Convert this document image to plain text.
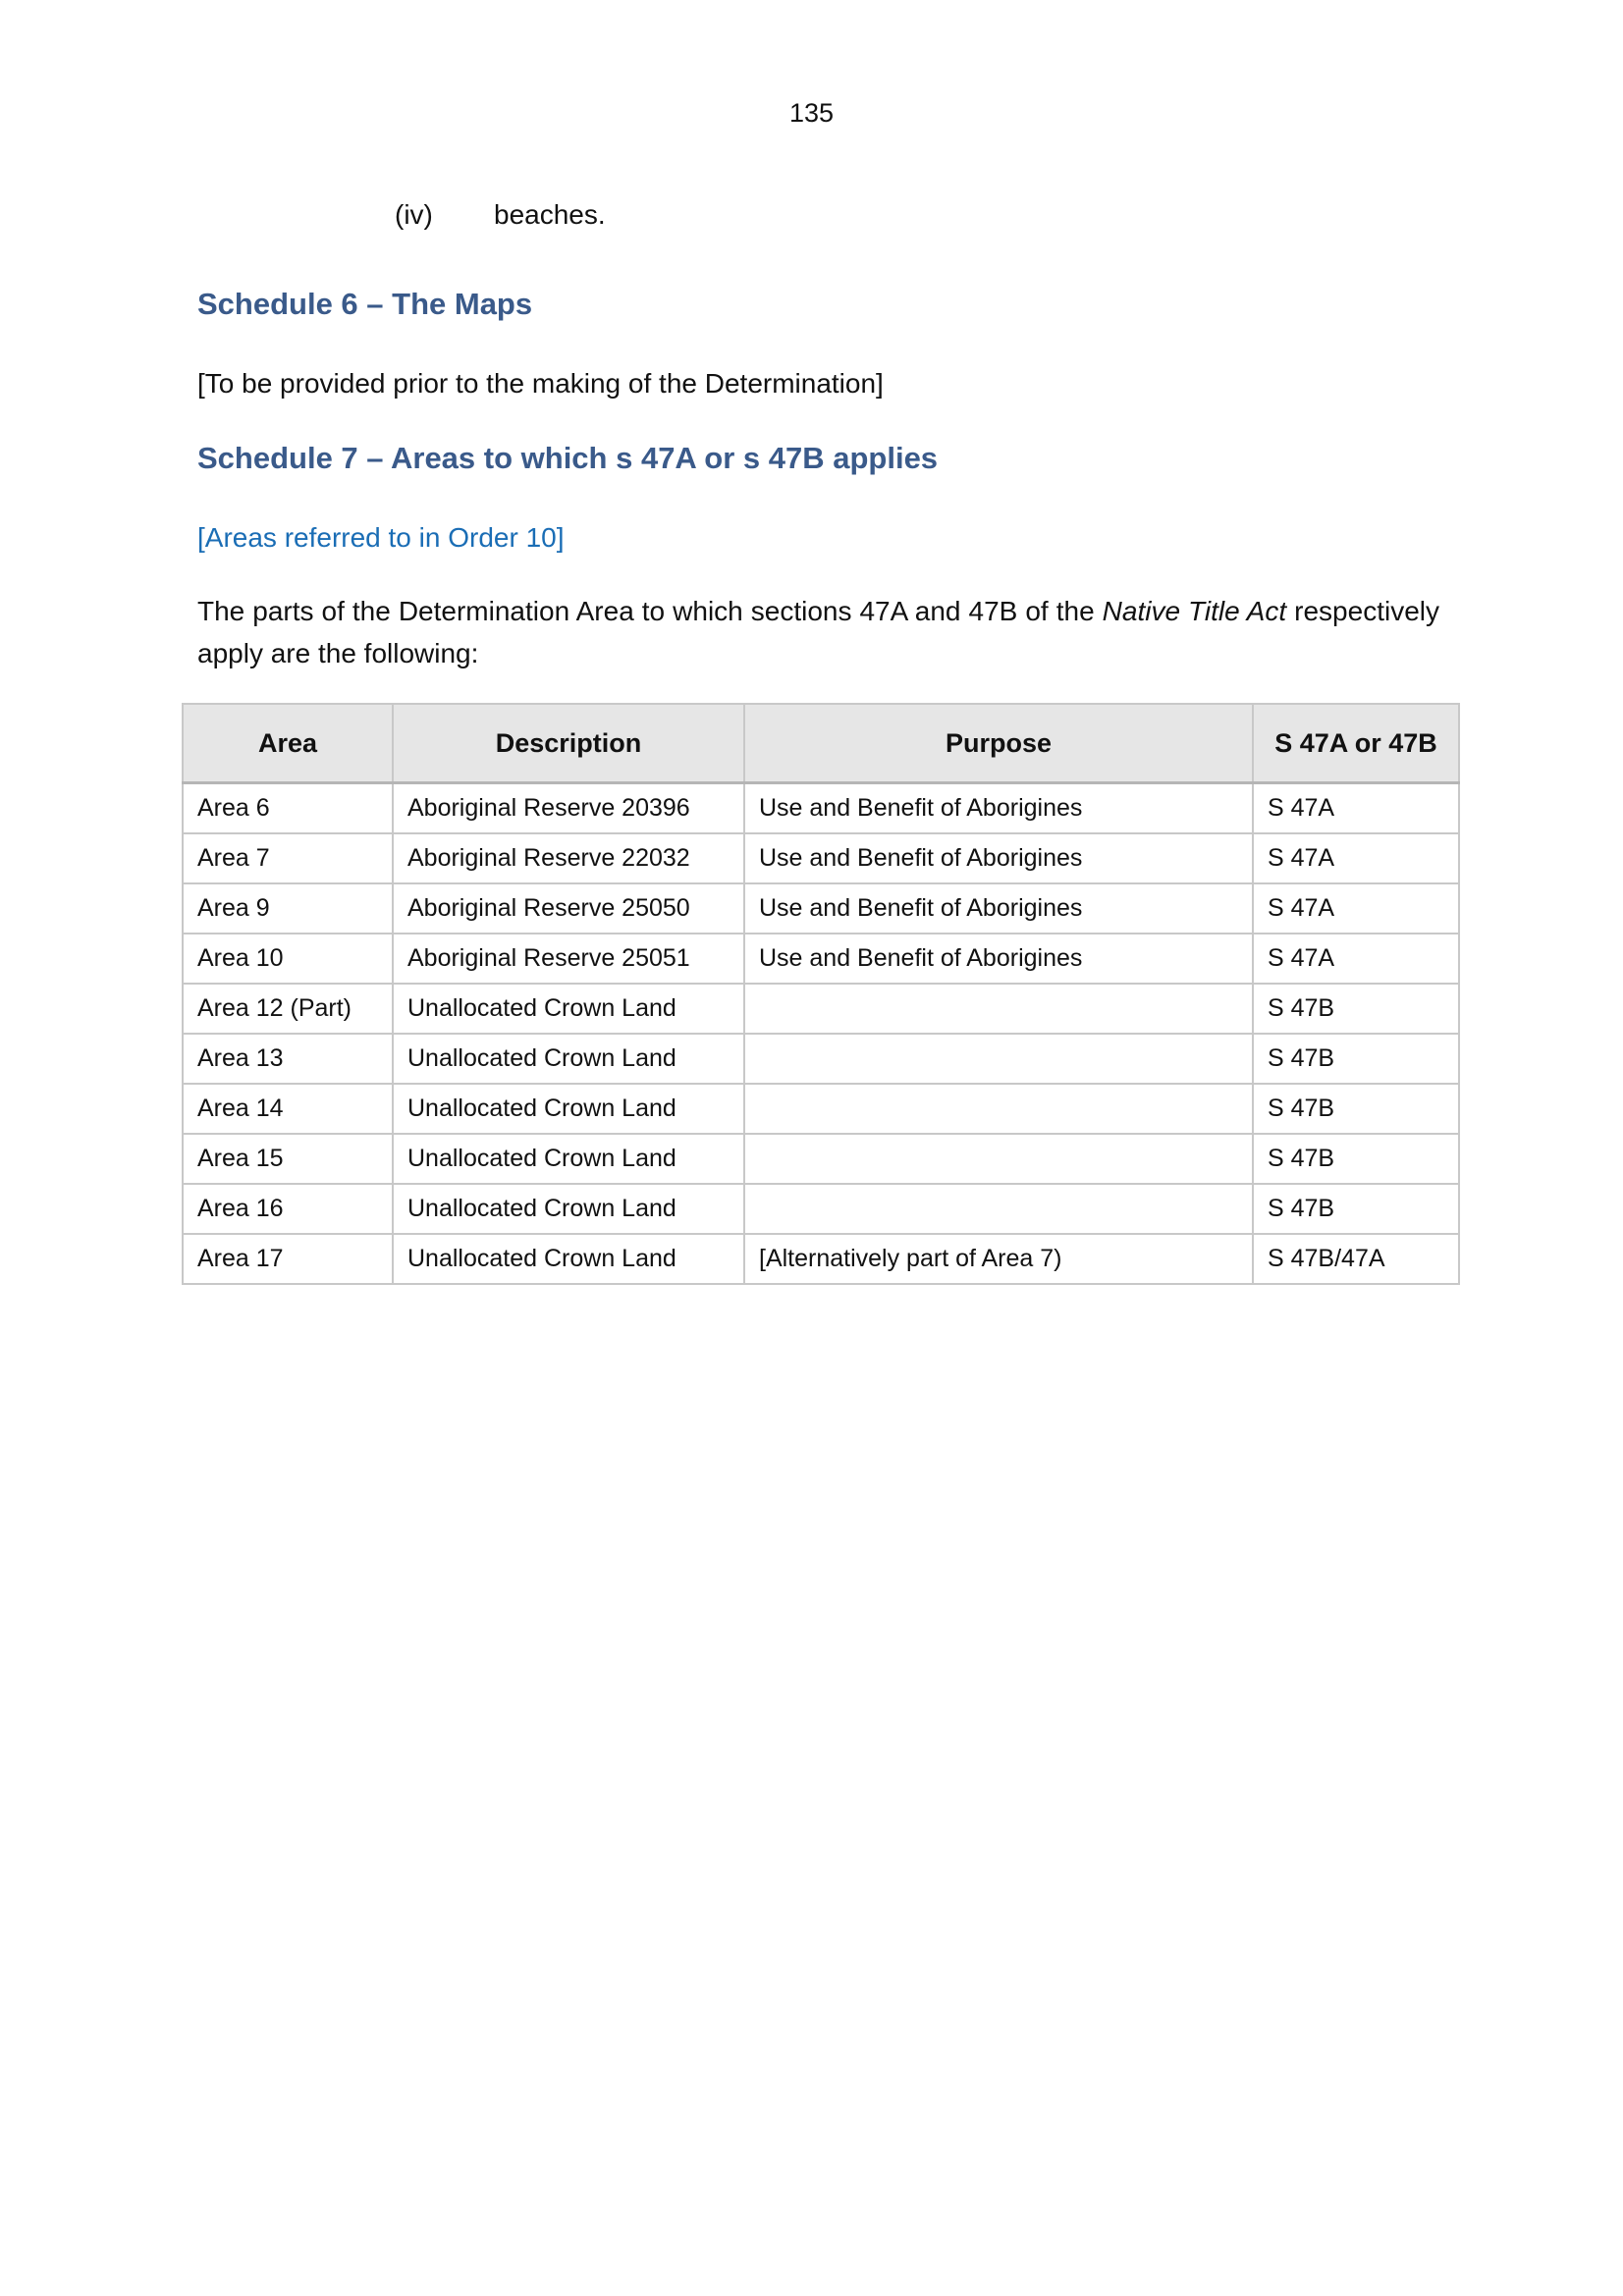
135
(iv)	beaches.
Schedule 6 – The Maps
[To be provided prior to the making of the Determination]
Schedule 7 – Areas to which s 47A or s 47B applies
[Areas referred to in Order 10]
The parts of the Determination Area to which sections 47A and 47B of the Native Title Act respectively apply are the following:
Area	Description	Purpose	S 47A or 47B
Area 6	Aboriginal Reserve 20396	Use and Benefit of Aborigines	S 47A
Area 7	Aboriginal Reserve 22032	Use and Benefit of Aborigines	S 47A
Area 9	Aboriginal Reserve 25050	Use and Benefit of Aborigines	S 47A
Area 10	Aboriginal Reserve 25051	Use and Benefit of Aborigines	S 47A
Area 12 (Part)	Unallocated Crown Land		S 47B
Area 13	Unallocated Crown Land		S 47B
Area 14	Unallocated Crown Land		S 47B
Area 15	Unallocated Crown Land		S 47B
Area 16	Unallocated Crown Land		S 47B
Area 17	Unallocated Crown Land	[Alternatively part of Area 7)	S 47B/47A
